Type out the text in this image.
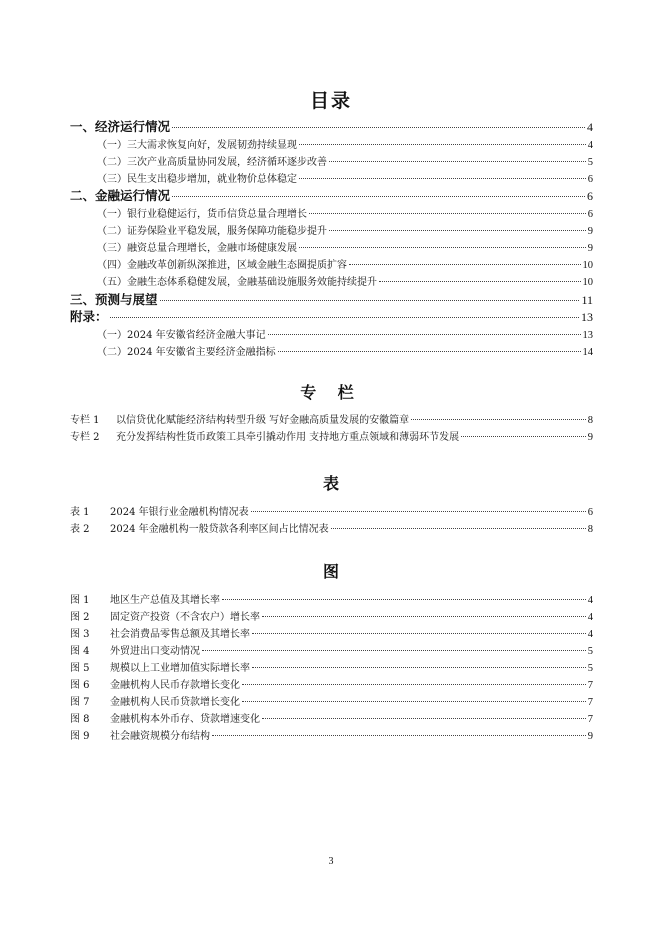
目录
一、经济运行情况	4
（一）三大需求恢复向好，发展韧劲持续显现	4
（二）三次产业高质量协同发展，经济循环逐步改善	5
（三）民生支出稳步增加，就业物价总体稳定	6
二、金融运行情况	6
（一）银行业稳健运行，货币信贷总量合理增长	6
（二）证券保险业平稳发展，服务保障功能稳步提升	9
（三）融资总量合理增长，金融市场健康发展	9
（四）金融改革创新纵深推进，区域金融生态圈提质扩容	10
（五）金融生态体系稳健发展，金融基础设施服务效能持续提升	10
三、预测与展望	11
附录：	13
（一）2024 年安徽省经济金融大事记	13
（二）2024 年安徽省主要经济金融指标	14
专 栏
专栏 1	以信贷优化赋能经济结构转型升级 写好金融高质量发展的安徽篇章	8
专栏 2	充分发挥结构性货币政策工具牵引撬动作用 支持地方重点领域和薄弱环节发展	9
表
表 1	2024 年银行业金融机构情况表	6
表 2	2024 年金融机构一般贷款各利率区间占比情况表	8
图
图 1	地区生产总值及其增长率	4
图 2	固定资产投资（不含农户）增长率	4
图 3	社会消费品零售总额及其增长率	4
图 4	外贸进出口变动情况	5
图 5	规模以上工业增加值实际增长率	5
图 6	金融机构人民币存款增长变化	7
图 7	金融机构人民币贷款增长变化	7
图 8	金融机构本外币存、贷款增速变化	7
图 9	社会融资规模分布结构	9
3
